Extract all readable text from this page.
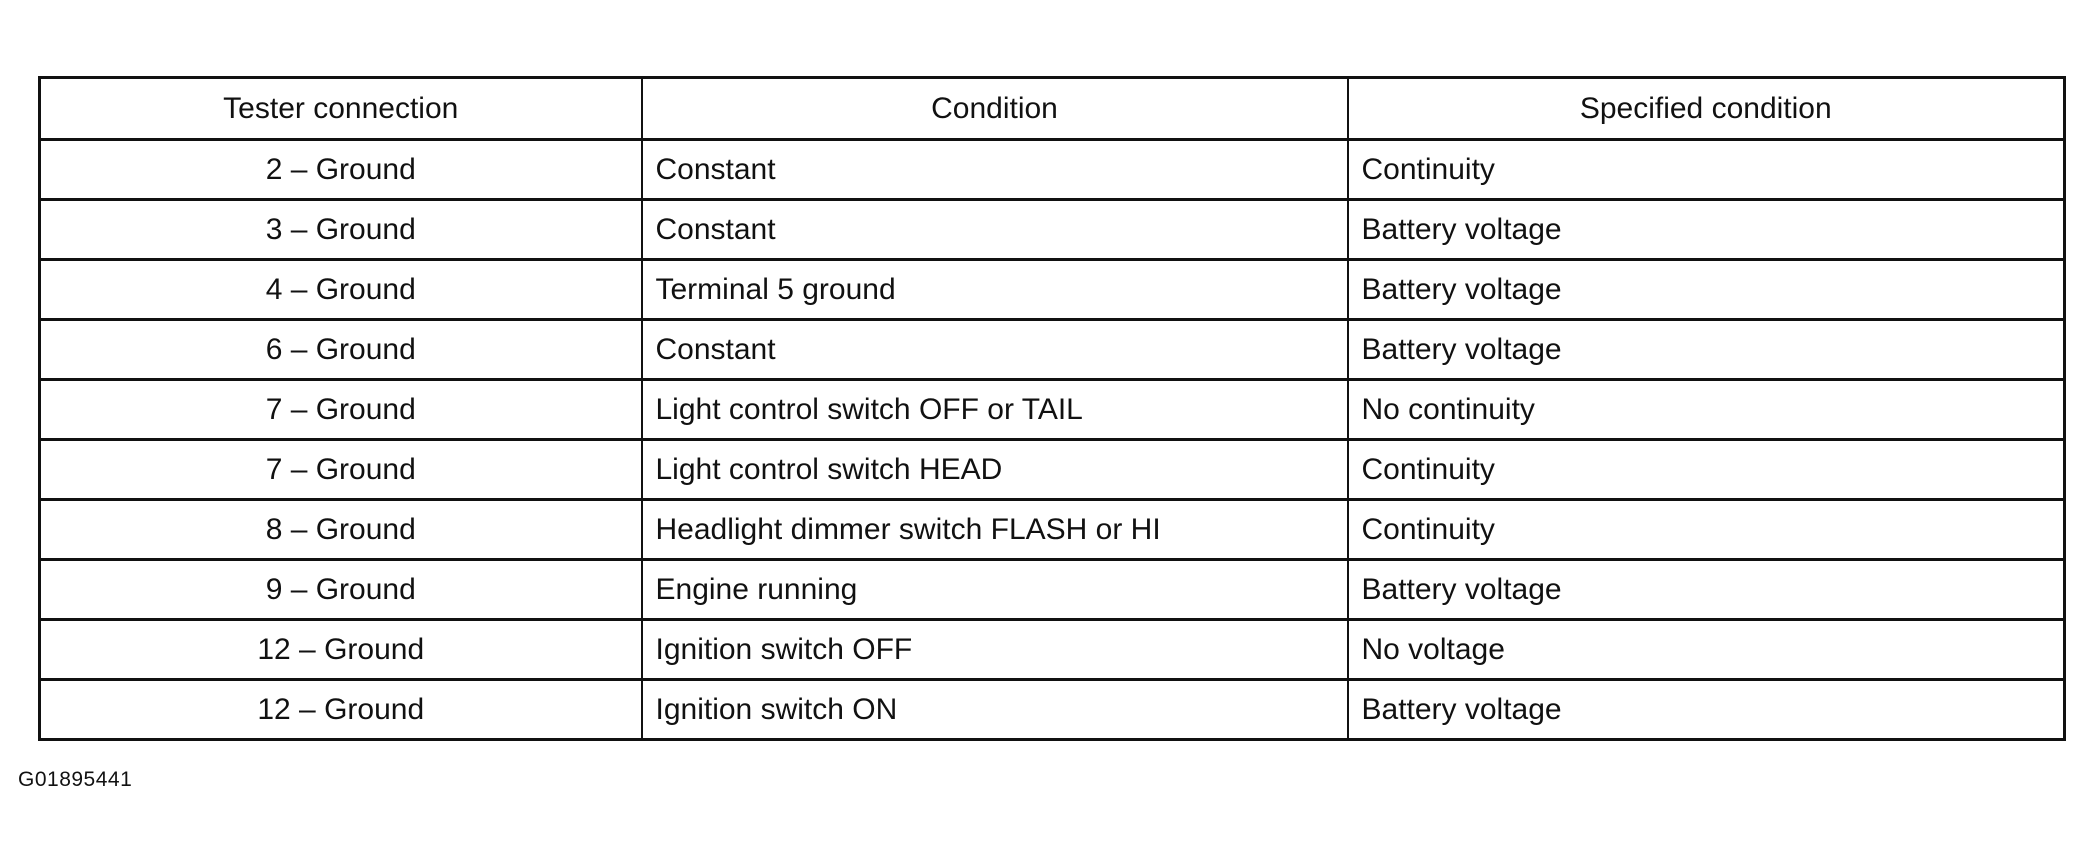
Tester connection	Condition	Specified condition
2 – Ground	Constant	Continuity
3 – Ground	Constant	Battery voltage
4 – Ground	Terminal 5 ground	Battery voltage
6 – Ground	Constant	Battery voltage
7 – Ground	Light control switch OFF or TAIL	No continuity
7 – Ground	Light control switch HEAD	Continuity
8 – Ground	Headlight dimmer switch FLASH or HI	Continuity
9 – Ground	Engine running	Battery voltage
12 – Ground	Ignition switch OFF	No voltage
12 – Ground	Ignition switch ON	Battery voltage
G01895441
